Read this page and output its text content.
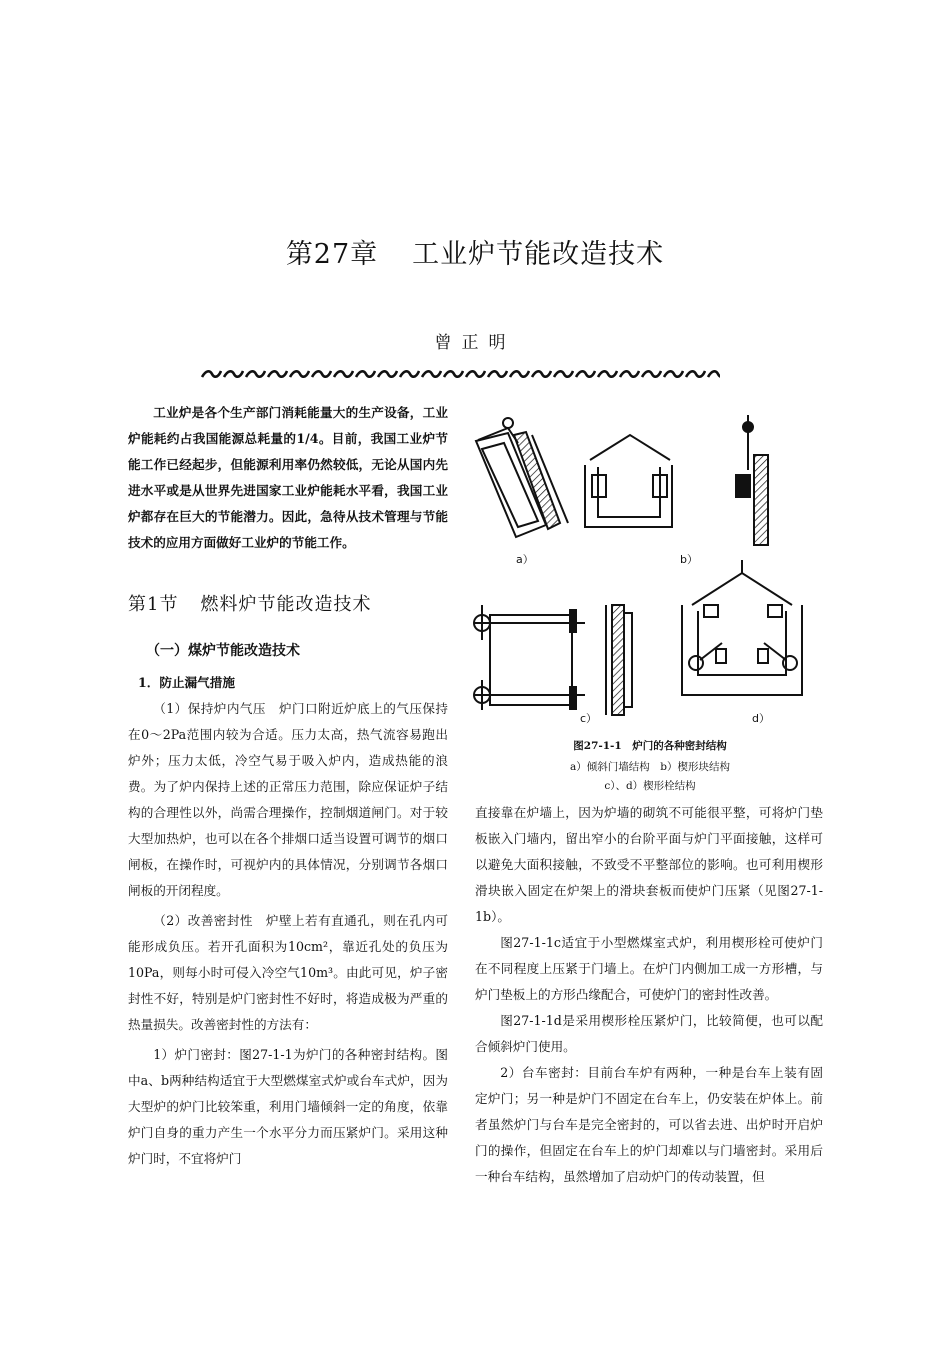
第27章 工业炉节能改造技术
曾正明

工业炉是各个生产部门消耗能量大的生产设备，工业炉能耗约占我国能源总耗量的1/4。目前，我国工业炉节能工作已经起步，但能源利用率仍然较低，无论从国内先进水平或是从世界先进国家工业炉能耗水平看，我国工业炉都存在巨大的节能潜力。因此，急待从技术管理与节能技术的应用方面做好工业炉的节能工作。

第1节 燃料炉节能改造技术

（一）煤炉节能改造技术

1．防止漏气措施

（1）保持炉内气压　炉门口附近炉底上的气压保持在0～2Pa范围内较为合适。压力太高，热气流容易跑出炉外；压力太低，冷空气易于吸入炉内，造成热能的浪费。为了炉内保持上述的正常压力范围，除应保证炉子结构的合理性以外，尚需合理操作，控制烟道闸门。对于较大型加热炉，也可以在各个排烟口适当设置可调节的烟口闸板，在操作时，可视炉内的具体情况，分别调节各烟口闸板的开闭程度。

（2）改善密封性　炉壁上若有直通孔，则在孔内可能形成负压。若开孔面积为10cm²，靠近孔处的负压为10Pa，则每小时可侵入冷空气10m³。由此可见，炉子密封性不好，特别是炉门密封性不好时，将造成极为严重的热量损失。改善密封性的方法有：

1）炉门密封：图27-1-1为炉门的各种密封结构。图中a、b两种结构适宜于大型燃煤室式炉或台车式炉，因为大型炉的炉门比较笨重，利用门墙倾斜一定的角度，依靠炉门自身的重力产生一个水平分力而压紧炉门。采用这种炉门时，不宜将炉门

a）	b）
c）	d）
图27-1-1　炉门的各种密封结构
a）倾斜门墙结构　b）楔形块结构
c）、d）楔形栓结构

直接靠在炉墙上，因为炉墙的砌筑不可能很平整，可将炉门垫板嵌入门墙内，留出窄小的台阶平面与炉门平面接触，这样可以避免大面积接触，不致受不平整部位的影响。也可利用楔形滑块嵌入固定在炉架上的滑块套板而使炉门压紧（见图27-1-1b）。

图27-1-1c适宜于小型燃煤室式炉，利用楔形栓可使炉门在不同程度上压紧于门墙上。在炉门内侧加工成一方形槽，与炉门垫板上的方形凸缘配合，可使炉门的密封性改善。

图27-1-1d是采用楔形栓压紧炉门，比较简便，也可以配合倾斜炉门使用。

2）台车密封：目前台车炉有两种，一种是台车上装有固定炉门；另一种是炉门不固定在台车上，仍安装在炉体上。前者虽然炉门与台车是完全密封的，可以省去进、出炉时开启炉门的操作，但固定在台车上的炉门却难以与门墙密封。采用后一种台车结构，虽然增加了启动炉门的传动装置，但
